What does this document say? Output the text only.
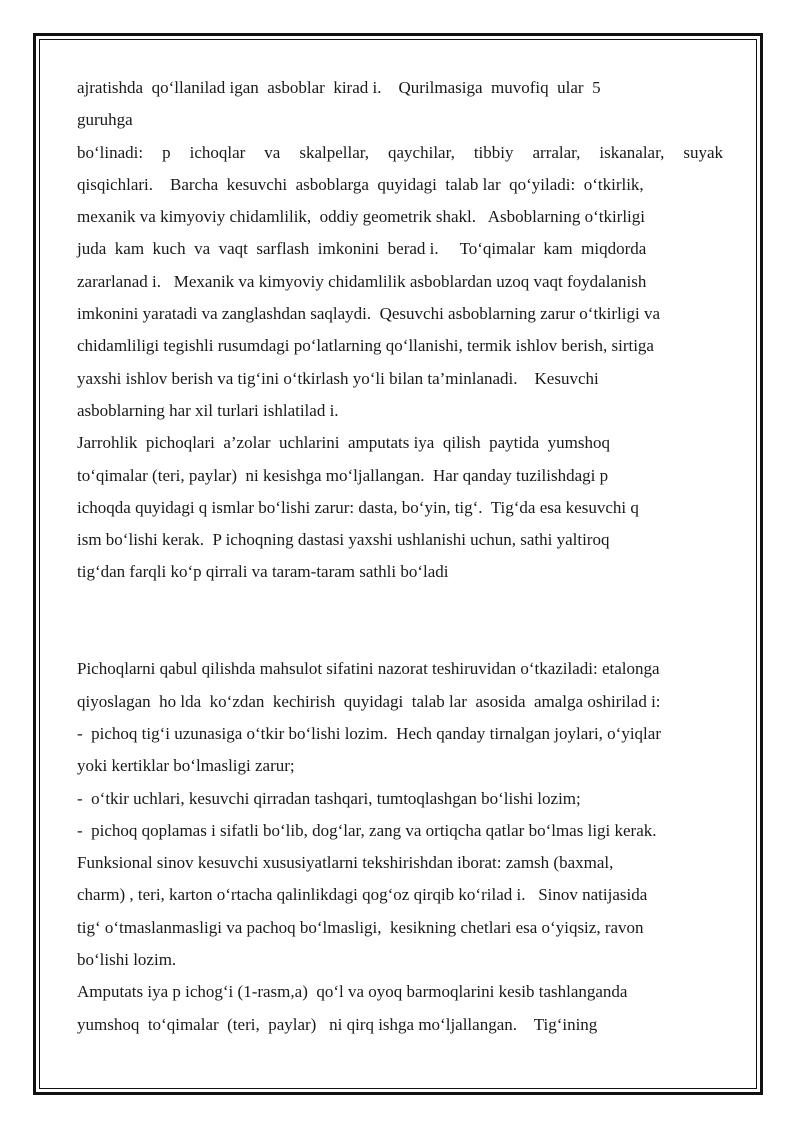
ajratishda  qo‘llanilad igan  asboblar  kirad i.    Qurilmasiga  muvofiq  ular  5
guruhga
bo‘linadi: p ichoqlar va skalpellar, qaychilar, tibbiy arralar, iskanalar, suyak
qisqichlari.    Barcha  kesuvchi  asboblarga  quyidagi  talab lar  qo‘yiladi:  o‘tkirlik,
mexanik va kimyoviy chidamlilik,  oddiy geometrik shakl.   Asboblarning o‘tkirligi
juda  kam  kuch  va  vaqt  sarflash  imkonini  berad i.     To‘qimalar  kam  miqdorda
zararlanad i.   Mexanik va kimyoviy chidamlilik asboblardan uzoq vaqt foydalanish
imkonini yaratadi va zanglashdan saqlaydi.  Qesuvchi asboblarning zarur o‘tkirligi va
chidamliligi tegishli rusumdagi po‘latlarning qo‘llanishi, termik ishlov berish, sirtiga
yaxshi ishlov berish va tig‘ini o‘tkirlash yo‘li bilan ta’minlanadi.    Kesuvchi
asboblarning har xil turlari ishlatilad i.
Jarrohlik  pichoqlari  a’zolar  uchlarini  amputats iya  qilish  paytida  yumshoq
to‘qimalar (teri, paylar)  ni kesishga mo‘ljallangan.  Har qanday tuzilishdagi p
ichoqda quyidagi q ismlar bo‘lishi zarur: dasta, bo‘yin, tig‘.  Tig‘da esa kesuvchi q
ism bo‘lishi kerak.  P ichoqning dastasi yaxshi ushlanishi uchun, sathi yaltiroq
tig‘dan farqli ko‘p qirrali va taram-taram sathli bo‘ladi
Pichoqlarni qabul qilishda mahsulot sifatini nazorat teshiruvidan o‘tkaziladi: etalonga
qiyoslagan  ho lda  ko‘zdan  kechirish  quyidagi  talab lar  asosida  amalga oshirilad i:
-  pichoq tig‘i uzunasiga o‘tkir bo‘lishi lozim.  Hech qanday tirnalgan joylari, o‘yiqlar
yoki kertiklar bo‘lmasligi zarur;
-  o‘tkir uchlari, kesuvchi qirradan tashqari, tumtoqlashgan bo‘lishi lozim;
-  pichoq qoplamas i sifatli bo‘lib, dog‘lar, zang va ortiqcha qatlar bo‘lmas ligi kerak.
Funksional sinov kesuvchi xususiyatlarni tekshirishdan iborat: zamsh (baxmal,
charm) , teri, karton o‘rtacha qalinlikdagi qog‘oz qirqib ko‘rilad i.   Sinov natijasida
tig‘ o‘tmaslanmasligi va pachoq bo‘lmasligi,  kesikning chetlari esa o‘yiqsiz, ravon
bo‘lishi lozim.
Amputats iya p ichog‘i (1-rasm,a)  qo‘l va oyoq barmoqlarini kesib tashlanganda
yumshoq  to‘qimalar  (teri,  paylar)   ni qirq ishga mo‘ljallangan.    Tig‘ining
